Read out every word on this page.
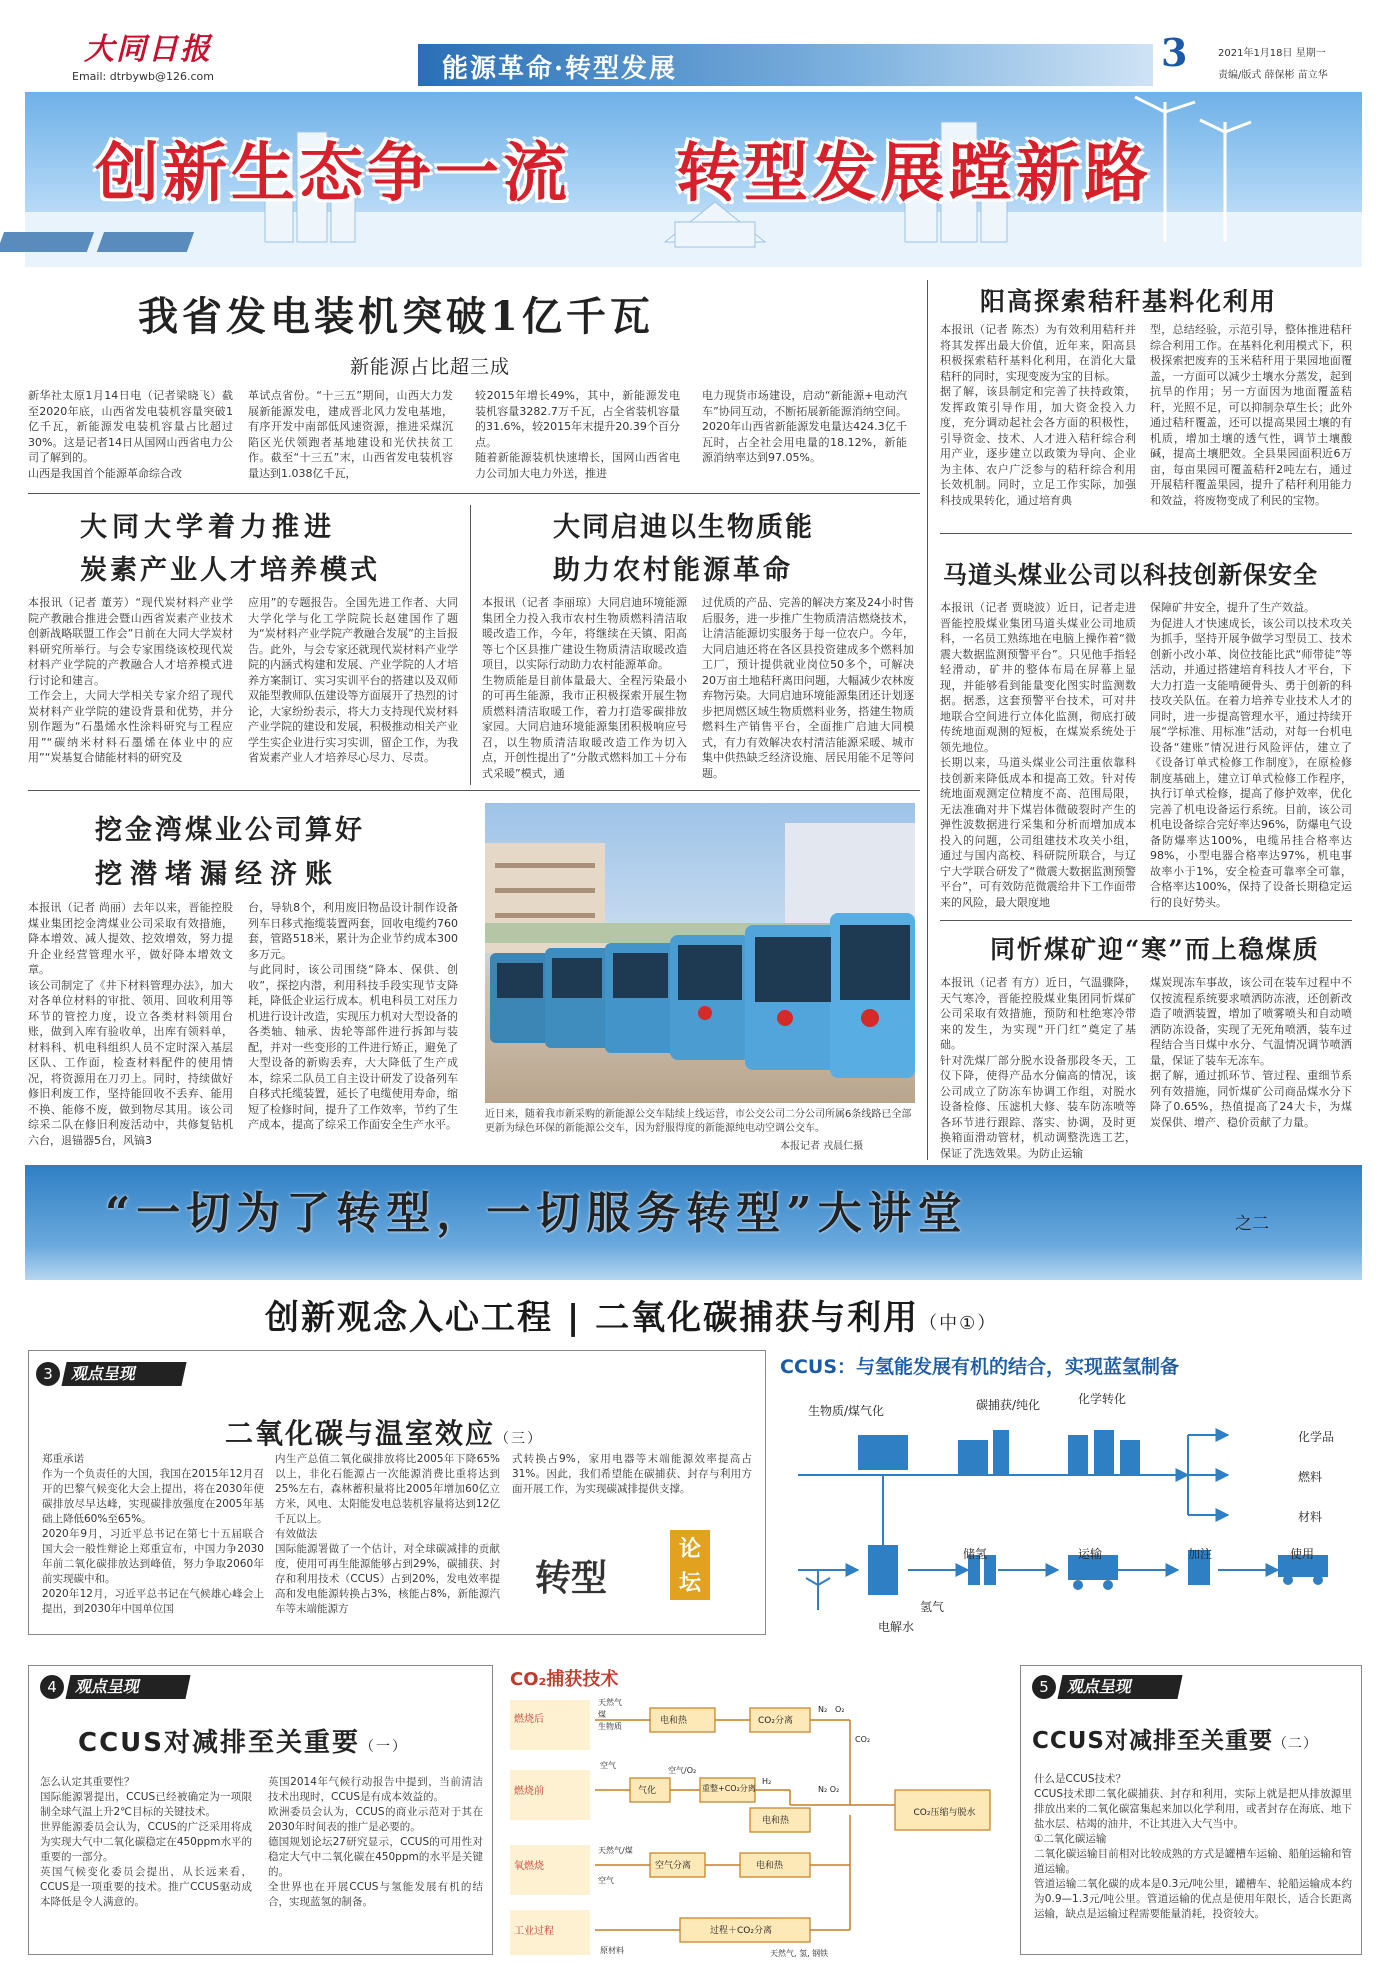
大同日报
Email: dtrbywb@126.com	能源革命·转型发展	3	2021年1月18日 星期一
责编/版式 薛保彬 苗立华
创新生态争一流    转型发展蹚新路
我省发电装机突破1亿千瓦
新能源占比超三成
新华社太原1月14日电（记者梁晓飞）截至2020年底，山西省发电装机容量突破1亿千瓦，新能源发电装机容量占比超过30%。这是记者14日从国网山西省电力公司了解到的。
山西是我国首个能源革命综合改
革试点省份。“十三五”期间，山西大力发展新能源发电，建成晋北风力发电基地，有序开发中南部低风速资源，推进采煤沉陷区光伏领跑者基地建设和光伏扶贫工作。截至“十三五”末，山西省发电装机容量达到1.038亿千瓦，
较2015年增长49%，其中，新能源发电装机容量3282.7万千瓦，占全省装机容量的31.6%，较2015年末提升20.39个百分点。
随着新能源装机快速增长，国网山西省电力公司加大电力外送，推进
电力现货市场建设，启动“新能源+电动汽车”协同互动，不断拓展新能源消纳空间。2020年山西省新能源发电量达424.3亿千瓦时，占全社会用电量的18.12%，新能源消纳率达到97.05%。
阳高探索秸秆基料化利用
本报讯（记者 陈杰）为有效利用秸秆并将其发挥出最大价值，近年来，阳高县积极探索秸秆基料化利用，在消化大量秸秆的同时，实现变废为宝的目标。
据了解，该县制定和完善了扶持政策，发挥政策引导作用，加大资金投入力度，充分调动起社会各方面的积极性，引导资金、技术、人才进入秸秆综合利用产业，逐步建立以政策为导向、企业为主体、农户广泛参与的秸秆综合利用长效机制。同时，立足工作实际，加强科技成果转化，通过培育典
型，总结经验，示范引导，整体推进秸秆综合利用工作。在基料化利用模式下，积极探索把废弃的玉米秸秆用于果园地面覆盖，一方面可以减少土壤水分蒸发，起到抗旱的作用；另一方面因为地面覆盖秸秆，光照不足，可以抑制杂草生长；此外通过秸秆覆盖，还可以提高果园土壤的有机质，增加土壤的透气性，调节土壤酸碱，提高土壤肥效。全县果园面积近6万亩，每亩果园可覆盖秸秆2吨左右，通过开展秸秆覆盖果园，提升了秸秆利用能力和效益，将废物变成了利民的宝物。
大同大学着力推进
炭素产业人才培养模式
本报讯（记者 董芳）“现代炭材料产业学院产教融合推进会暨山西省炭素产业技术创新战略联盟工作会”日前在大同大学炭材料研究所举行。与会专家围绕该校现代炭材料产业学院的产教融合人才培养模式进行讨论和建言。
工作会上，大同大学相关专家介绍了现代炭材料产业学院的建设背景和优势，并分别作题为“石墨烯水性涂料研究与工程应用”“碳纳米材料石墨烯在体业中的应用”“炭基复合储能材料的研究及
应用”的专题报告。全国先进工作者、大同大学化学与化工学院院长赵建国作了题为“炭材料产业学院产教融合发展”的主旨报告。此外，与会专家还就现代炭材料产业学院的内涵式构建和发展、产业学院的人才培养方案制订、实习实训平台的搭建以及双师双能型教师队伍建设等方面展开了热烈的讨论，大家纷纷表示，将大力支持现代炭材料产业学院的建设和发展，积极推动相关产业学生实企业进行实习实训，留企工作，为我省炭素产业人才培养尽心尽力、尽责。
大同启迪以生物质能
助力农村能源革命
本报讯（记者 李丽琼）大同启迪环境能源集团全力投入我市农村生物质燃料清洁取暖改造工作，今年，将继续在天镇、阳高等七个区县推广建设生物质清洁取暖改造项目，以实际行动助力农村能源革命。
生物质能是目前体量最大、全程污染最小的可再生能源，我市正积极探索开展生物质燃料清洁取暖工作，着力打造零碳排放家园。大同启迪环境能源集团积极响应号召，以生物质清洁取暖改造工作为切入点，开创性提出了“分散式燃料加工＋分布式采暖”模式，通
过优质的产品、完善的解决方案及24小时售后服务，进一步推广生物质清洁燃烧技术，让清洁能源切实服务于每一位农户。今年，大同启迪还将在各区县投资建成多个燃料加工厂，预计提供就业岗位50多个，可解决20万亩土地秸秆离田问题，大幅减少农林废弃物污染。大同启迪环境能源集团还计划逐步把周燃区域生物质燃料业务，搭建生物质燃料生产销售平台，全面推广启迪大同模式，有力有效解决农村清洁能源采暖、城市集中供热缺乏经济设施、居民用能不足等问题。
马道头煤业公司以科技创新保安全
本报讯（记者 贾晓波）近日，记者走进晋能控股煤业集团马道头煤业公司地质科，一名员工熟练地在电脑上操作着“微震大数据监测预警平台”。只见他手指轻轻滑动，矿井的整体布局在屏幕上显现，并能够看到能量变化图实时监测数据。据悉，这套预警平台技术，可对井地联合空间进行立体化监测，彻底打破传统地面观测的短板，在煤炭系统处于领先地位。
长期以来，马道头煤业公司注重依靠科技创新来降低成本和提高工效。针对传统地面观测定位精度不高、范围局限，无法准确对井下煤岩体微破裂时产生的弹性波数据进行采集和分析而增加成本投入的问题，公司组建技术攻关小组，通过与国内高校、科研院所联合，与辽宁大学联合研发了“微震大数据监测预警平台”，可有效防范微震给井下工作面带来的风险，最大限度地
保障矿井安全，提升了生产效益。
为促进人才快速成长，该公司以技术攻关为抓手，坚持开展争做学习型员工、技术创新小改小革、岗位技能比武“师带徒”等活动，并通过搭建培育科技人才平台，下大力打造一支能啃硬骨头、勇于创新的科技攻关队伍。在着力培养专业技术人才的同时，进一步提高管理水平，通过持续开展“学标准、用标准”活动，对每一台机电设备“建账”情况进行风险评估，建立了《设备订单式检修工作制度》，在原检修制度基础上，建立订单式检修工作程序，执行订单式检修，提高了修护效率，优化完善了机电设备运行系统。目前，该公司机电设备综合完好率达96%，防爆电气设备防爆率达100%，电缆吊挂合格率达98%，小型电器合格率达97%，机电事故率小于1%，安全检查可靠率全可靠，合格率达100%，保持了设备长期稳定运行的良好势头。
挖金湾煤业公司算好
挖潜堵漏经济账
本报讯（记者 尚丽）去年以来，晋能控股煤业集团挖金湾煤业公司采取有效措施，降本增效、减人提效、挖效增效，努力提升企业经营管理水平，做好降本增效文章。
该公司制定了《井下材料管理办法》，加大对各单位材料的审批、领用、回收利用等环节的管控力度，设立各类材料领用台账，做到入库有验收单，出库有领料单，材料科、机电科组织人员不定时深入基层区队、工作面，检查材料配件的使用情况，将资源用在刀刃上。同时，持续做好修旧利废工作，坚持能回收不丢弃、能用不换、能修不废，做到物尽其用。该公司综采二队在修旧利废活动中，共修复钻机六台，退锚器5台，风镐3
台，导轨8个，利用废旧物品设计制作设备列车日移式拖缆装置两套，回收电缆约760套，管路518米，累计为企业节约成本300多万元。
与此同时，该公司围绕“降本、保供、创收”，探挖内潜，利用科技手段实现节支降耗，降低企业运行成本。机电科员工对压力机进行设计改造，实现压力机对大型设备的各类轴、轴承、齿轮等部件进行拆卸与装配，并对一些变形的工件进行矫正，避免了大型设备的新购丢弃，大大降低了生产成本，综采二队员工自主设计研发了设备列车自移式托缆装置，延长了电缆使用寿命，缩短了检修时间，提升了工作效率，节约了生产成本，提高了综采工作面安全生产水平。
近日来，随着我市新采购的新能源公交车陆续上线运营，市公交公司二分公司所属6条线路已全部更新为绿色环保的新能源公交车，因为舒服得度的新能源纯电动空调公交车。
本报记者 戎晨仁摄
同忻煤矿迎“寒”而上稳煤质
本报讯（记者 有方）近日，气温骤降，天气寒冷，晋能控股煤业集团同忻煤矿公司采取有效措施，预防和杜绝寒冷带来的发生，为实现“开门红”奠定了基础。
针对洗煤厂部分脱水设备那段冬天，工仪下降，使得产品水分偏高的情况，该公司成立了防冻车协调工作组，对脱水设备检修、压滤机大修、装车防冻喷等各环节进行跟踪、落实、协调，及时更换箱面滑动管材，机动调整洗选工艺，保证了洗选效果。为防止运输
煤炭现冻车事故，该公司在装车过程中不仅按流程系统要求喷洒防冻液，还创新改造了喷洒装置，增加了喷雾喷头和自动喷洒防冻设备，实现了无死角喷洒，装车过程结合当日煤中水分、气温情况调节喷洒量，保证了装车无冻车。
据了解，通过抓环节、管过程、重细节系列有效措施，同忻煤矿公司商品煤水分下降了0.65%，热值提高了24大卡，为煤炭保供、增产、稳价贡献了力量。
“一切为了转型，一切服务转型”大讲堂	之二
创新观念入心工程 | 二氧化碳捕获与利用（中①）
3	观点呈现
二氧化碳与温室效应（三）
郑重承诺
作为一个负责任的大国，我国在2015年12月召开的巴黎气候变化大会上提出，将在2030年使碳排放尽早达峰，实现碳排放强度在2005年基础上降低60%至65%。
2020年9月，习近平总书记在第七十五届联合国大会一般性辩论上郑重宣布，中国力争2030年前二氧化碳排放达到峰值，努力争取2060年前实现碳中和。
2020年12月，习近平总书记在气候雄心峰会上提出，到2030年中国单位国
内生产总值二氧化碳排放将比2005年下降65%以上，非化石能源占一次能源消费比重将达到25%左右，森林蓄积量将比2005年增加60亿立方米，风电、太阳能发电总装机容量将达到12亿千瓦以上。
有效做法
国际能源署做了一个估计，对全球碳减排的贡献度，使用可再生能源能够占到29%，碳捕获、封存和利用技术（CCUS）占到20%，发电效率提高和发电能源转换占3%，核能占8%，新能源汽车等末端能源方
式转换占9%，家用电器等末端能源效率提高占31%。因此，我们希望能在碳捕获、封存与利用方面开展工作，为实现碳减排提供支撑。
转型
论坛
CCUS：与氢能发展有机的结合，实现蓝氢制备
生物质/煤气化	碳捕获/纯化	化学转化
化学品
燃料
材料
储氢	运输	加注	使用
氢气
电解水
4	观点呈现
CCUS对减排至关重要（一）
怎么认定其重要性？
国际能源署提出，CCUS已经被确定为一项限制全球气温上升2℃目标的关键技术。
世界能源委员会认为，CCUS的广泛采用将成为实现大气中二氧化碳稳定在450ppm水平的重要的一部分。
英国气候变化委员会提出，从长远来看，CCUS是一项重要的技术。推广CCUS驱动成本降低是令人满意的。
英国2014年气候行动报告中提到，当前清洁技术出现时，CCUS是有成本效益的。
欧洲委员会认为，CCUS的商业示范对于其在2030年时间表的推广是必要的。
德国规划论坛27研究显示，CCUS的可用性对稳定大气中二氧化碳在450ppm的水平是关键的。
全世界也在开展CCUS与氢能发展有机的结合，实现蓝氢的制备。
CO₂捕获技术
燃烧后
燃烧前
氧燃烧
工业过程
电和热	CO₂分离
气化	重整+CO₂分离
电和热
空气分离	电和热
过程＋CO₂分离
CO₂压缩与脱水
天然气
煤
生物质
空气
空气/O₂
天然气/煤
空气
原材料
N₂ O₂
CO₂
H₂
N₂ O₂
天然气, 氢, 钢铁
5	观点呈现
CCUS对减排至关重要（二）
什么是CCUS技术？
CCUS技术即二氧化碳捕获、封存和利用，实际上就是把从排放源里排放出来的二氧化碳富集起来加以化学利用，或者封存在海底、地下盐水层、枯竭的油井，不让其进入大气当中。
①二氧化碳运输
二氧化碳运输目前相对比较成熟的方式是罐槽车运输、船舶运输和管道运输。
管道运输二氧化碳的成本是0.3元/吨公里，罐槽车、轮船运输成本约为0.9—1.3元/吨公里。管道运输的优点是使用年限长，适合长距离运输，缺点是运输过程需要能量消耗，投资较大。
